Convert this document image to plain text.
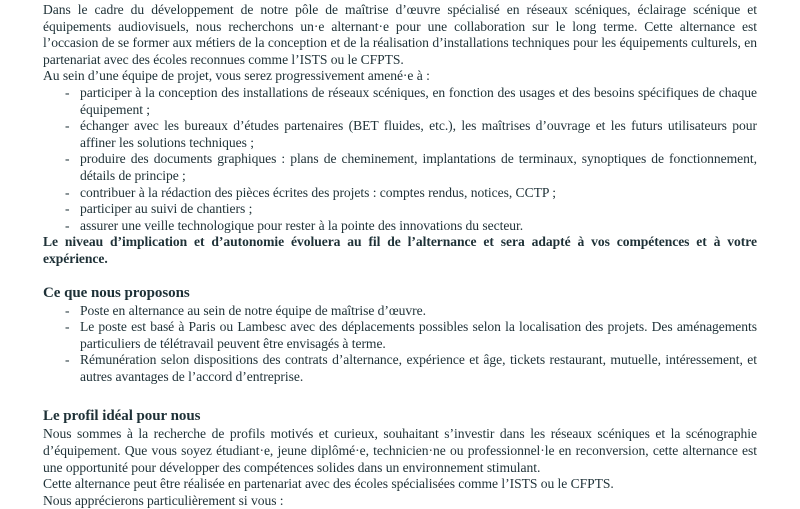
Dans le cadre du développement de notre pôle de maîtrise d’œuvre spécialisé en réseaux scéniques, éclairage scénique et équipements audiovisuels, nous recherchons un·e alternant·e pour une collaboration sur le long terme. Cette alternance est l’occasion de se former aux métiers de la conception et de la réalisation d’installations techniques pour les équipements culturels, en partenariat avec des écoles reconnues comme l’ISTS ou le CFPTS.

Au sein d’une équipe de projet, vous serez progressivement amené·e à :

- participer à la conception des installations de réseaux scéniques, en fonction des usages et des besoins spécifiques de chaque équipement ;
- échanger avec les bureaux d’études partenaires (BET fluides, etc.), les maîtrises d’ouvrage et les futurs utilisateurs pour affiner les solutions techniques ;
- produire des documents graphiques : plans de cheminement, implantations de terminaux, synoptiques de fonctionnement, détails de principe ;
- contribuer à la rédaction des pièces écrites des projets : comptes rendus, notices, CCTP ;
- participer au suivi de chantiers ;
- assurer une veille technologique pour rester à la pointe des innovations du secteur.

Le niveau d’implication et d’autonomie évoluera au fil de l’alternance et sera adapté à vos compétences et à votre expérience.

Ce que nous proposons
- Poste en alternance au sein de notre équipe de maîtrise d’œuvre.
- Le poste est basé à Paris ou Lambesc avec des déplacements possibles selon la localisation des projets. Des aménagements particuliers de télétravail peuvent être envisagés à terme.
- Rémunération selon dispositions des contrats d’alternance, expérience et âge, tickets restaurant, mutuelle, intéressement, et autres avantages de l’accord d’entreprise.
Le profil idéal pour nous

Nous sommes à la recherche de profils motivés et curieux, souhaitant s’investir dans les réseaux scéniques et la scénographie d’équipement. Que vous soyez étudiant·e, jeune diplômé·e, technicien·ne ou professionnel·le en reconversion, cette alternance est une opportunité pour développer des compétences solides dans un environnement stimulant.

Cette alternance peut être réalisée en partenariat avec des écoles spécialisées comme l’ISTS ou le CFPTS.

Nous apprécierons particulièrement si vous :
